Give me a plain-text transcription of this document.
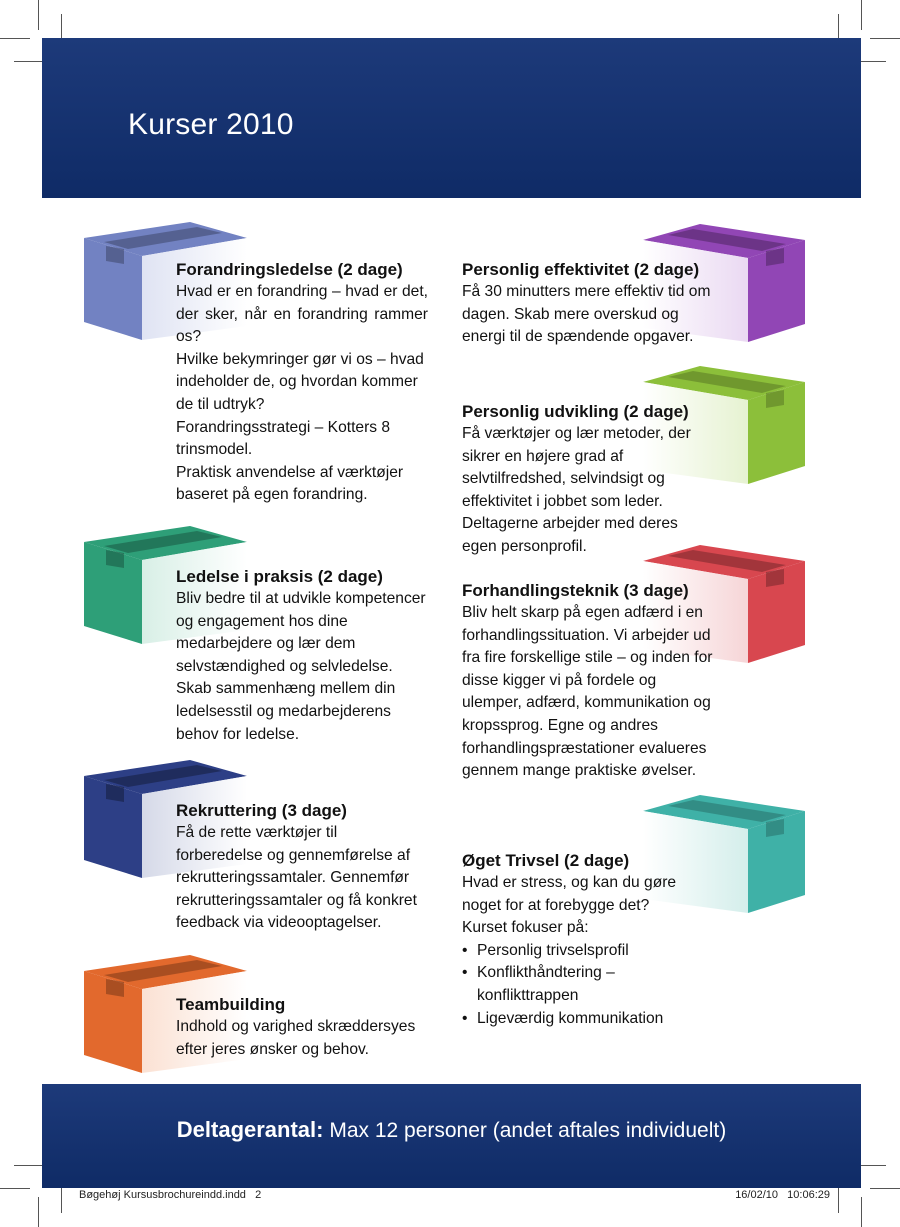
Kurser 2010
Forandringsledelse (2 dage)

Hvad er en forandring – hvad er det, der sker, når en forandring rammer os?

Hvilke bekymringer gør vi os – hvad indeholder de, og hvordan kommer de til udtryk?

Forandringsstrategi – Kotters 8 trinsmodel.

Praktisk anvendelse af værktøjer baseret på egen forandring.

Ledelse i praksis (2 dage)

Bliv bedre til at udvikle kompetencer og engagement hos dine medarbejdere og lær dem selvstændighed og selvledelse.

Skab sammenhæng mellem din ledelsesstil og medarbejderens behov for ledelse.

Rekruttering (3 dage)

Få de rette værktøjer til forberedelse og gennemførelse af rekrutteringssamtaler. Gennemfør rekrutteringssamtaler og få konkret feedback via videooptagelser.

Teambuilding

Indhold og varighed skræddersyes efter jeres ønsker og behov.

Personlig effektivitet (2 dage)

Få 30 minutters mere effektiv tid om dagen. Skab mere overskud og energi til de spændende opgaver.

Personlig udvikling (2 dage)

Få værktøjer og lær metoder, der sikrer en højere grad af selvtilfredshed, selvindsigt og effektivitet i jobbet som leder. Deltagerne arbejder med deres egen personprofil.

Forhandlingsteknik (3 dage)

Bliv helt skarp på egen adfærd i en forhandlingssituation. Vi arbejder ud fra fire forskellige stile – og inden for disse kigger vi på fordele og ulemper, adfærd, kommunikation og kropssprog. Egne og andres forhandlingspræstationer evalueres gennem mange praktiske øvelser.

Øget Trivsel (2 dage)

Hvad er stress, og kan du gøre noget for at forebygge det?

Kurset fokuser på:

• Personlig trivselsprofil
• Konflikthåndtering – konflikttrappen
• Ligeværdig kommunikation
Deltagerantal: Max 12 personer (andet aftales individuelt)
Bøgehøj Kursusbrochureindd.indd   2	16/02/10   10:06:29
